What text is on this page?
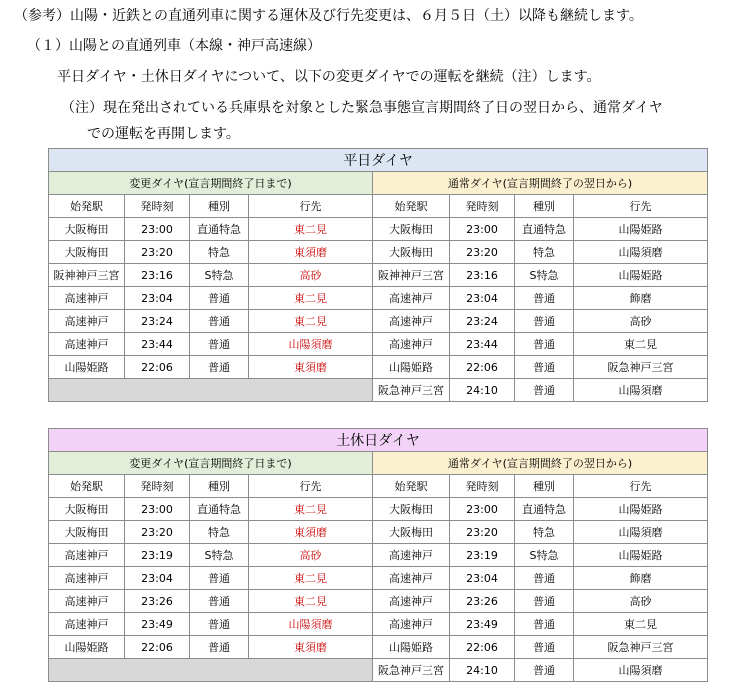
（参考）山陽・近鉄との直通列車に関する運休及び行先変更は、６月５日（土）以降も継続します。
（１）山陽との直通列車（本線・神戸高速線）
平日ダイヤ・土休日ダイヤについて、以下の変更ダイヤでの運転を継続（注）します。
（注）現在発出されている兵庫県を対象とした緊急事態宣言期間終了日の翌日から、通常ダイヤ
での運転を再開します。
平日ダイヤ							
変更ダイヤ(宣言期間終了日まで)				通常ダイヤ(宣言期間終了の翌日から)			
始発駅	発時刻	種別	行先	始発駅	発時刻	種別	行先
大阪梅田	23:00	直通特急	東二見	大阪梅田	23:00	直通特急	山陽姫路
大阪梅田	23:20	特急	東須磨	大阪梅田	23:20	特急	山陽須磨
阪神神戸三宮	23:16	S特急	高砂	阪神神戸三宮	23:16	S特急	山陽姫路
高速神戸	23:04	普通	東二見	高速神戸	23:04	普通	飾磨
高速神戸	23:24	普通	東二見	高速神戸	23:24	普通	高砂
高速神戸	23:44	普通	山陽須磨	高速神戸	23:44	普通	東二見
山陽姫路	22:06	普通	東須磨	山陽姫路	22:06	普通	阪急神戸三宮
				阪急神戸三宮	24:10	普通	山陽須磨
土休日ダイヤ							
変更ダイヤ(宣言期間終了日まで)				通常ダイヤ(宣言期間終了の翌日から)			
始発駅	発時刻	種別	行先	始発駅	発時刻	種別	行先
大阪梅田	23:00	直通特急	東二見	大阪梅田	23:00	直通特急	山陽姫路
大阪梅田	23:20	特急	東須磨	大阪梅田	23:20	特急	山陽須磨
高速神戸	23:19	S特急	高砂	高速神戸	23:19	S特急	山陽姫路
高速神戸	23:04	普通	東二見	高速神戸	23:04	普通	飾磨
高速神戸	23:26	普通	東二見	高速神戸	23:26	普通	高砂
高速神戸	23:49	普通	山陽須磨	高速神戸	23:49	普通	東二見
山陽姫路	22:06	普通	東須磨	山陽姫路	22:06	普通	阪急神戸三宮
				阪急神戸三宮	24:10	普通	山陽須磨
